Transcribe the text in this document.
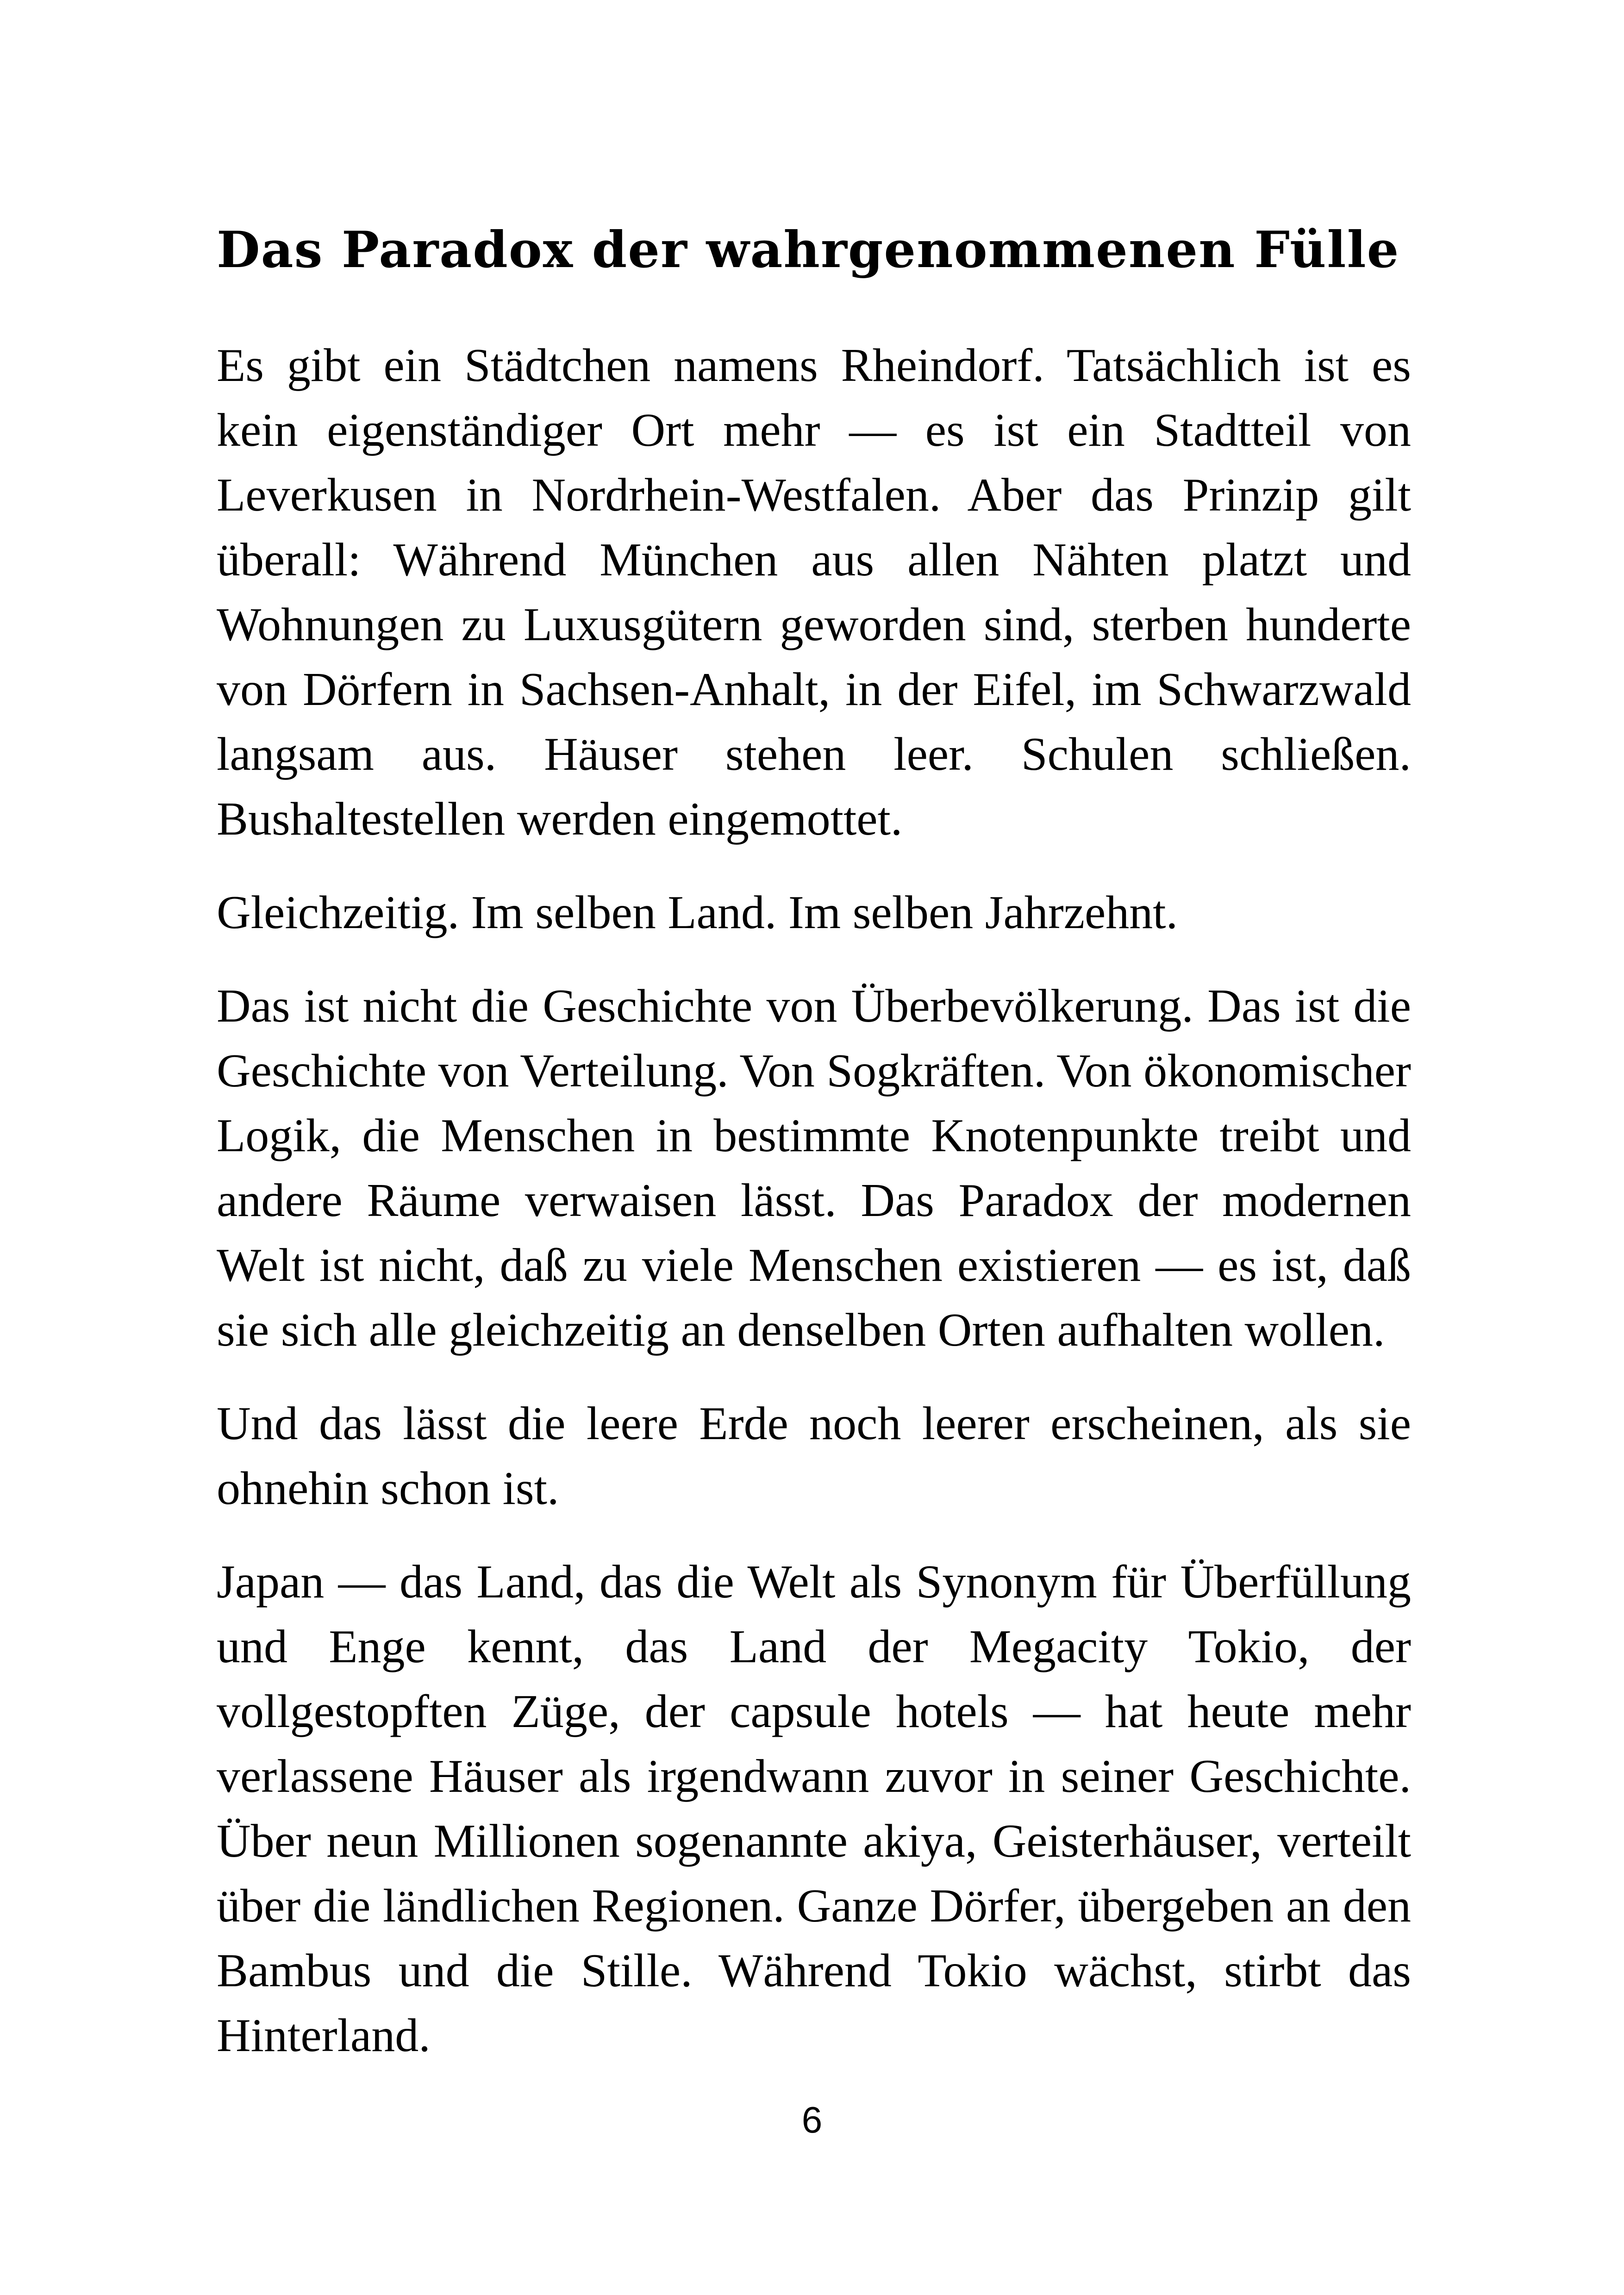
Das Paradox der wahrgenommenen Fülle

Es gibt ein Städtchen namens Rheindorf. Tatsächlich ist es kein eigenständiger Ort mehr — es ist ein Stadtteil von Leverkusen in Nordrhein-Westfalen. Aber das Prinzip gilt überall: Während München aus allen Nähten platzt und Wohnungen zu Luxusgütern geworden sind, sterben hunderte von Dörfern in Sachsen-Anhalt, in der Eifel, im Schwarzwald langsam aus. Häuser stehen leer. Schulen schließen. Bushaltestellen werden eingemottet.

Gleichzeitig. Im selben Land. Im selben Jahrzehnt.

Das ist nicht die Geschichte von Überbevölkerung. Das ist die Geschichte von Verteilung. Von Sogkräften. Von ökonomischer Logik, die Menschen in bestimmte Knotenpunkte treibt und andere Räume verwaisen lässt. Das Paradox der modernen Welt ist nicht, daß zu viele Menschen existieren — es ist, daß sie sich alle gleichzeitig an denselben Orten aufhalten wollen.

Und das lässt die leere Erde noch leerer erscheinen, als sie ohnehin schon ist.

Japan — das Land, das die Welt als Synonym für Überfüllung und Enge kennt, das Land der Megacity Tokio, der vollgestopften Züge, der capsule hotels — hat heute mehr verlassene Häuser als irgendwann zuvor in seiner Geschichte. Über neun Millionen sogenannte akiya, Geisterhäuser, verteilt über die ländlichen Regionen. Ganze Dörfer, übergeben an den Bambus und die Stille. Während Tokio wächst, stirbt das Hinterland.

6
